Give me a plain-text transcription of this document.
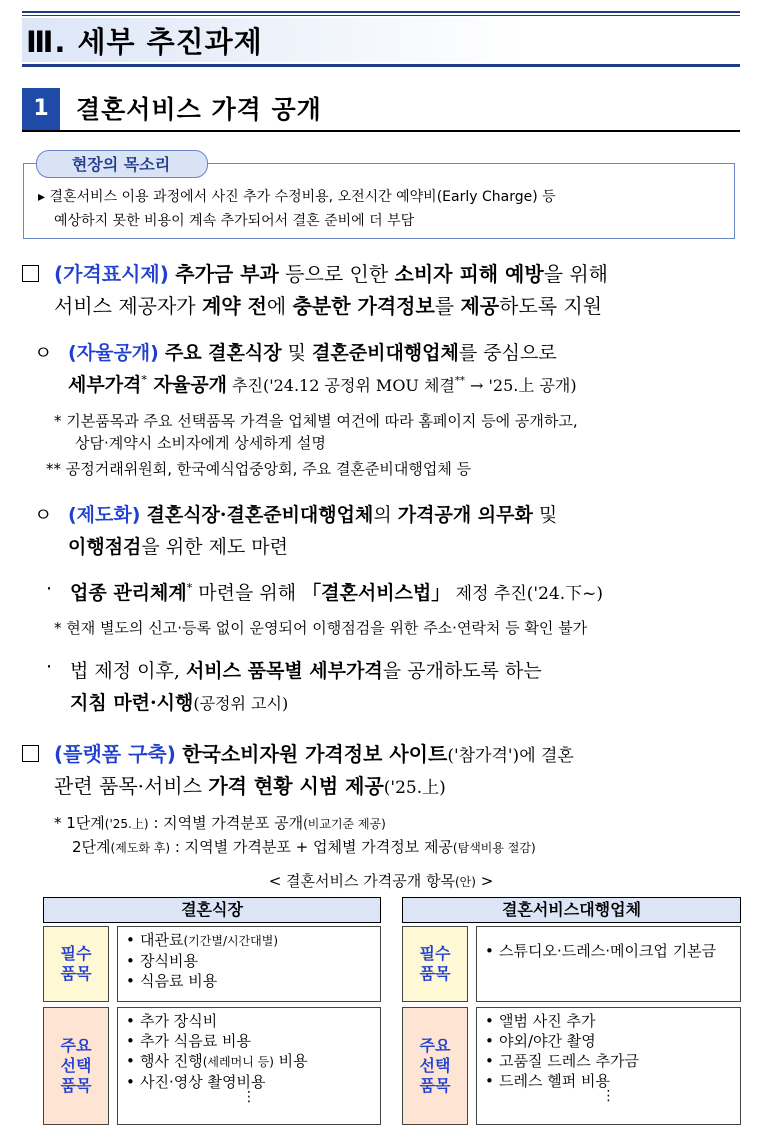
Ⅲ. 세부 추진과제
1	결혼서비스 가격 공개
현장의 목소리
▸ 결혼서비스 이용 과정에서 사진 추가 수정비용, 오전시간 예약비(Early Charge) 등
예상하지 못한 비용이 계속 추가되어서 결혼 준비에 더 부담
(가격표시제) 추가금 부과 등으로 인한 소비자 피해 예방을 위해
서비스 제공자가 계약 전에 충분한 가격정보를 제공하도록 지원
ㅇ (자율공개) 주요 결혼식장 및 결혼준비대행업체를 중심으로
세부가격* 자율공개 추진('24.12 공정위 MOU 체결** → '25.上 공개)
* 기본품목과 주요 선택품목 가격을 업체별 여건에 따라 홈페이지 등에 공개하고,
상담·계약시 소비자에게 상세하게 설명
** 공정거래위원회, 한국예식업중앙회, 주요 결혼준비대행업체 등
ㅇ (제도화) 결혼식장·결혼준비대행업체의 가격공개 의무화 및
이행점검을 위한 제도 마련
· 업종 관리체계* 마련을 위해 「결혼서비스법」 제정 추진('24.下~)
* 현재 별도의 신고·등록 없이 운영되어 이행점검을 위한 주소·연락처 등 확인 불가
· 법 제정 이후, 서비스 품목별 세부가격을 공개하도록 하는
지침 마련·시행(공정위 고시)
(플랫폼 구축) 한국소비자원 가격정보 사이트('참가격')에 결혼
관련 품목·서비스 가격 현황 시범 제공('25.上)
* 1단계('25.上) : 지역별 가격분포 공개(비교기준 제공)
2단계(제도화 후) : 지역별 가격분포 + 업체별 가격정보 제공(탐색비용 절감)
< 결혼서비스 가격공개 항목(안) >
결혼식장
필수
품목
• 대관료(기간별/시간대별)
• 장식비용
• 식음료 비용
주요
선택
품목
• 추가 장식비
• 추가 식음료 비용
• 행사 진행(세레머니 등) 비용
• 사진·영상 촬영비용
⋮
결혼서비스대행업체
필수
품목
• 스튜디오·드레스·메이크업 기본금
주요
선택
품목
• 앨범 사진 추가
• 야외/야간 촬영
• 고품질 드레스 추가금
• 드레스 헬퍼 비용
⋮
